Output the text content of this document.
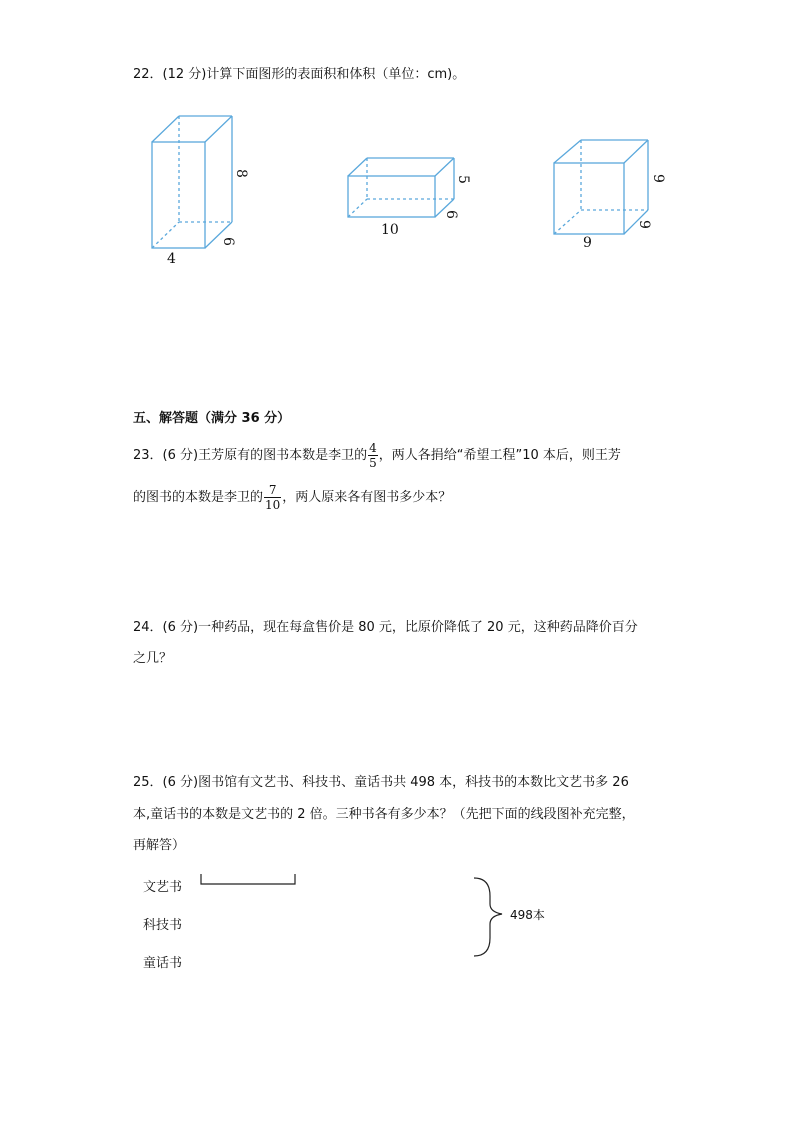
22．(12 分)计算下面图形的表面积和体积（单位：cm)。
8
6
4
5
6
10
9
9
9
五、解答题（满分 36 分）
23．(6 分)王芳原有的图书本数是李卫的 $\frac{4}{5}$ ，两人各捐给“希望工程”10 本后，则王芳
的图书的本数是李卫的 $\frac{7}{10}$ ，两人原来各有图书多少本？
24．(6 分)一种药品，现在每盒售价是 80 元，比原价降低了 20 元，这种药品降价百分
之几？
25．(6 分)图书馆有文艺书、科技书、童话书共 498 本，科技书的本数比文艺书多 26
本,童话书的本数是文艺书的 2 倍。三种书各有多少本？（先把下面的线段图补充完整，
再解答）
文艺书
科技书
童话书
498本
